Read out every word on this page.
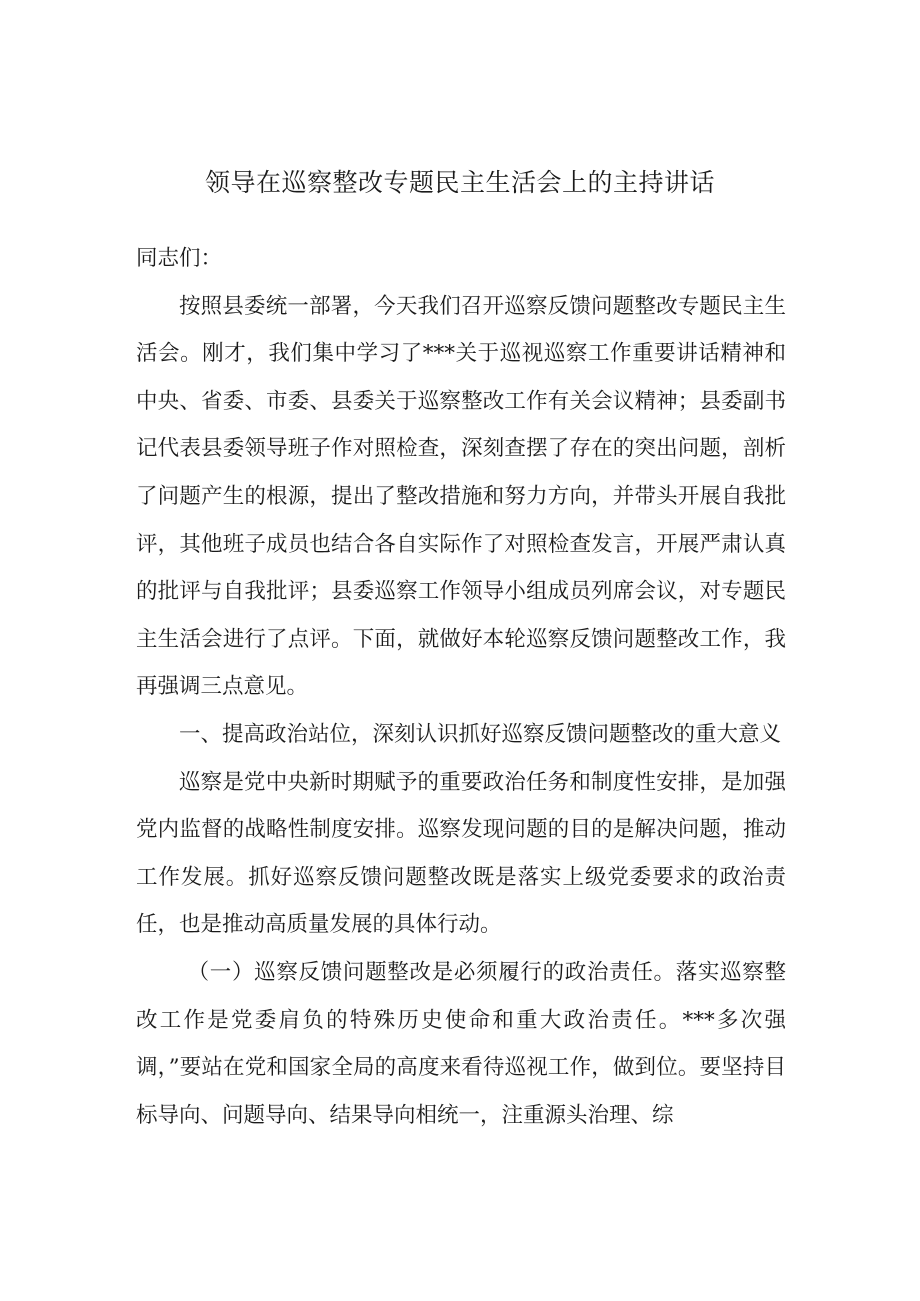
领导在巡察整改专题民主生活会上的主持讲话

同志们：

按照县委统一部署，今天我们召开巡察反馈问题整改专题民主生活会。刚才，我们集中学习了***关于巡视巡察工作重要讲话精神和中央、省委、市委、县委关于巡察整改工作有关会议精神；县委副书记代表县委领导班子作对照检查，深刻查摆了存在的突出问题，剖析了问题产生的根源，提出了整改措施和努力方向，并带头开展自我批评，其他班子成员也结合各自实际作了对照检查发言，开展严肃认真的批评与自我批评；县委巡察工作领导小组成员列席会议，对专题民主生活会进行了点评。下面，就做好本轮巡察反馈问题整改工作，我再强调三点意见。

一、提高政治站位，深刻认识抓好巡察反馈问题整改的重大意义

巡察是党中央新时期赋予的重要政治任务和制度性安排，是加强党内监督的战略性制度安排。巡察发现问题的目的是解决问题，推动工作发展。抓好巡察反馈问题整改既是落实上级党委要求的政治责任，也是推动高质量发展的具体行动。

（一）巡察反馈问题整改是必须履行的政治责任。落实巡察整改工作是党委肩负的特殊历史使命和重大政治责任。***多次强调，”要站在党和国家全局的高度来看待巡视工作，做到位。要坚持目标导向、问题导向、结果导向相统一，注重源头治理、综
